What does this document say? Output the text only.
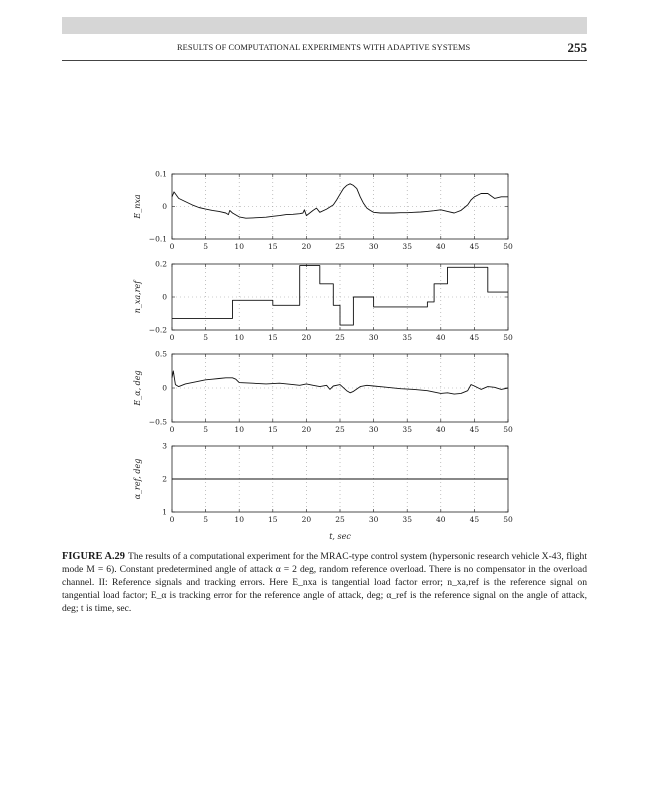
RESULTS OF COMPUTATIONAL EXPERIMENTS WITH ADAPTIVE SYSTEMS	255
0	5	10	15	20	25	30	35	40	45	50
−0.1
0
0.1
E_nxa
0	5	10	15	20	25	30	35	40	45	50
−0.2
0
0.2
n_xa,ref
0	5	10	15	20	25	30	35	40	45	50
−0.5
0
0.5
E_α, deg
0	5	10	15	20	25	30	35	40	45	50
1
2
3
α_ref, deg
t, sec

FIGURE A.29 The results of a computational experiment for the MRAC-type control system (hypersonic research vehicle X-43, flight mode M = 6). Constant predetermined angle of attack α = 2 deg, random reference overload. There is no compensator in the overload channel. II: Reference signals and tracking errors. Here E_nxa is tangential load factor error; n_xa,ref is the reference signal on tangential load factor; E_α is tracking error for the reference angle of attack, deg; α_ref is the reference signal on the angle of attack, deg; t is time, sec.
